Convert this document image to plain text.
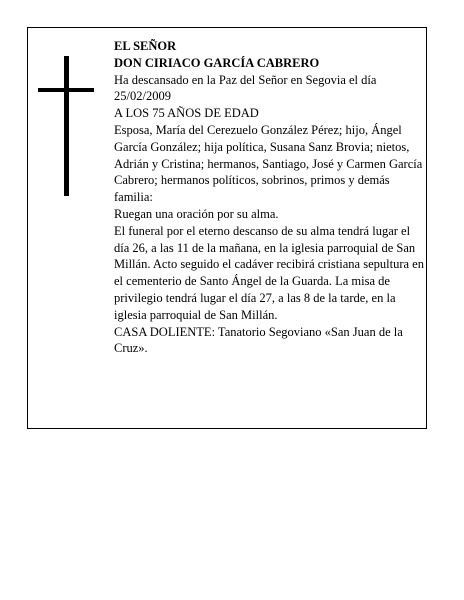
EL SEÑOR

DON CIRIACO GARCÍA CABRERO

Ha descansado en la Paz del Señor en Segovia el día 25/02/2009

A LOS 75 AÑOS DE EDAD

Esposa, María del Cerezuelo González Pérez; hijo, Ángel García González; hija política, Susana Sanz Brovia; nietos, Adrián y Cristina; hermanos, Santiago, José y Carmen García Cabrero; hermanos políticos, sobrinos, primos y demás familia:

Ruegan una oración por su alma.

El funeral por el eterno descanso de su alma tendrá lugar el día 26, a las 11 de la mañana, en la iglesia parroquial de San Millán. Acto seguido el cadáver recibirá cristiana sepultura en el cementerio de Santo Ángel de la Guarda. La misa de privilegio tendrá lugar el día 27, a las 8 de la tarde, en la iglesia parroquial de San Millán.

CASA DOLIENTE: Tanatorio Segoviano «San Juan de la Cruz».
